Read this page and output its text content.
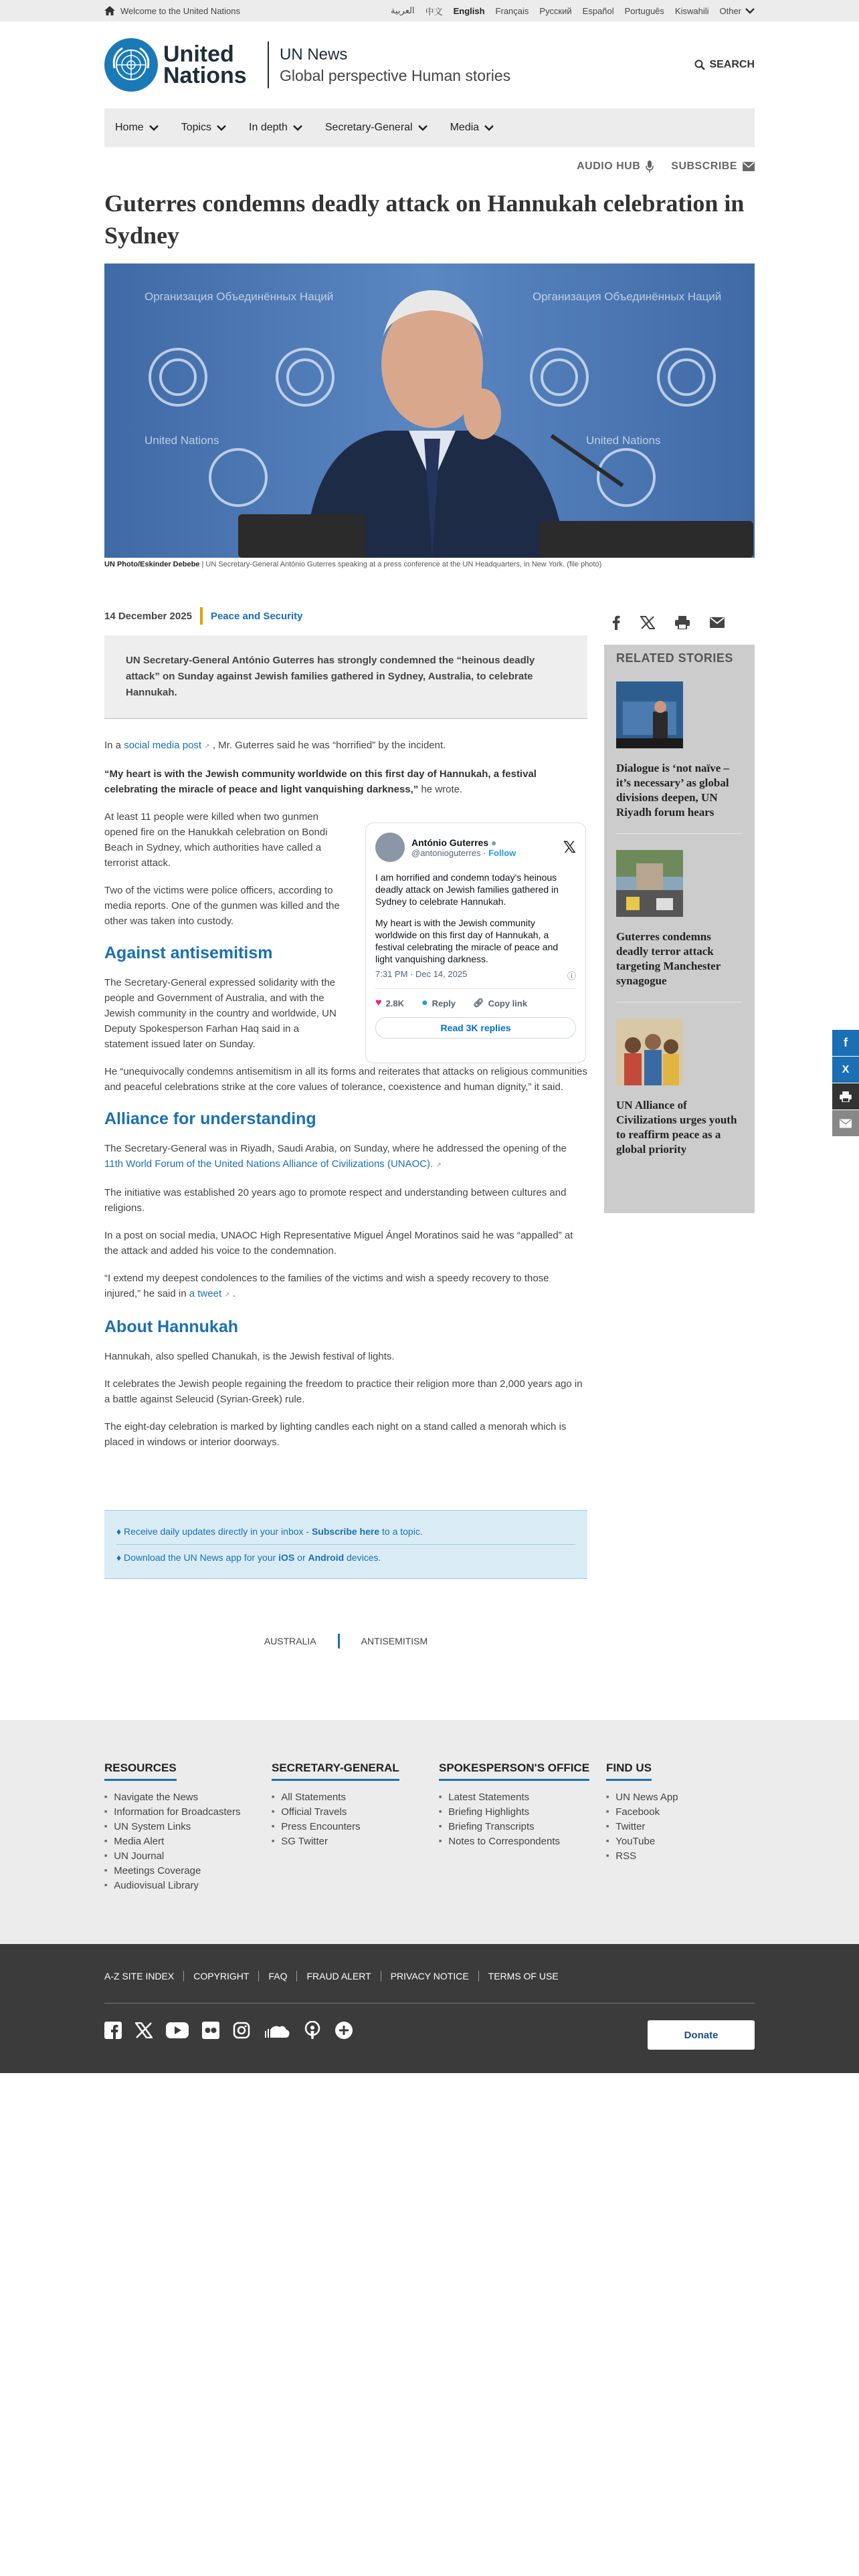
Welcome to the United Nations	العربية 中文 English Français Русский Español Português Kiswahili Other
United Nations
UN News
Global perspective Human stories
SEARCH
Home	Topics	In depth	Secretary-General	Media
AUDIO HUB	SUBSCRIBE
Guterres condemns deadly attack on Hannukah celebration in Sydney
Организация Объединённых Наций	Организация Объединённых Наций
United Nations	United Nations
UN Photo/Eskinder Debebe | UN Secretary-General António Guterres speaking at a press conference at the UN Headquarters, in New York. (file photo)
14 December 2025 Peace and Security
UN Secretary-General António Guterres has strongly condemned the “heinous deadly attack” on Sunday against Jewish families gathered in Sydney, Australia, to celebrate Hannukah.

In a social media post ↗ , Mr. Guterres said he was “horrified” by the incident.

“My heart is with the Jewish community worldwide on this first day of Hannukah, a festival celebrating the miracle of peace and light vanquishing darkness,” he wrote.

At least 11 people were killed when two gunmen opened fire on the Hanukkah celebration on Bondi Beach in Sydney, which authorities have called a terrorist attack.

Two of the victims were police officers, according to media reports. One of the gunmen was killed and the other was taken into custody.

Against antisemitism

The Secretary-General expressed solidarity with the people and Government of Australia, and with the Jewish community in the country and worldwide, UN Deputy Spokesperson Farhan Haq said in a statement issued later on Sunday.

He “unequivocally condemns antisemitism in all its forms and reiterates that attacks on religious communities and peaceful celebrations strike at the core values of tolerance, coexistence and human dignity,” it said.

Alliance for understanding

The Secretary-General was in Riyadh, Saudi Arabia, on Sunday, where he addressed the opening of the 11th World Forum of the United Nations Alliance of Civilizations (UNAOC). ↗

The initiative was established 20 years ago to promote respect and understanding between cultures and religions.

In a post on social media, UNAOC High Representative Miguel Ángel Moratinos said he was “appalled” at the attack and added his voice to the condemnation.

“I extend my deepest condolences to the families of the victims and wish a speedy recovery to those injured,” he said in a tweet ↗ .

About Hannukah

Hannukah, also spelled Chanukah, is the Jewish festival of lights.

It celebrates the Jewish people regaining the freedom to practice their religion more than 2,000 years ago in a battle against Seleucid (Syrian-Greek) rule.

The eight-day celebration is marked by lighting candles each night on a stand called a menorah which is placed in windows or interior doorways.

António Guterres ●
@antonioguterres · Follow	𝕏
I am horrified and condemn today's heinous deadly attack on Jewish families gathered in Sydney to celebrate Hannukah.
My heart is with the Jewish community worldwide on this first day of Hannukah, a festival celebrating the miracle of peace and light vanquishing darkness.
7:31 PM · Dec 14, 2025	ⓘ
♥ 2.8K ● Reply 🔗︎ Copy link
Read 3K replies
♦ Receive daily updates directly in your inbox - Subscribe here to a topic.
♦ Download the UN News app for your iOS or Android devices.
AUSTRALIA	ANTISEMITISM
RELATED STORIES
Dialogue is ‘not naïve – it’s necessary’ as global divisions deepen, UN Riyadh forum hears
Guterres condemns deadly terror attack targeting Manchester synagogue
UN Alliance of Civilizations urges youth to reaffirm peace as a global priority
f
X
RESOURCES
■ Navigate the News
■ Information for Broadcasters
■ UN System Links
■ Media Alert
■ UN Journal
■ Meetings Coverage
■ Audiovisual Library
SECRETARY-GENERAL
■ All Statements
■ Official Travels
■ Press Encounters
■ SG Twitter
SPOKESPERSON'S OFFICE
■ Latest Statements
■ Briefing Highlights
■ Briefing Transcripts
■ Notes to Correspondents
FIND US
■ UN News App
■ Facebook
■ Twitter
■ YouTube
■ RSS
A-Z SITE INDEX COPYRIGHT FAQ FRAUD ALERT PRIVACY NOTICE TERMS OF USE
Donate
